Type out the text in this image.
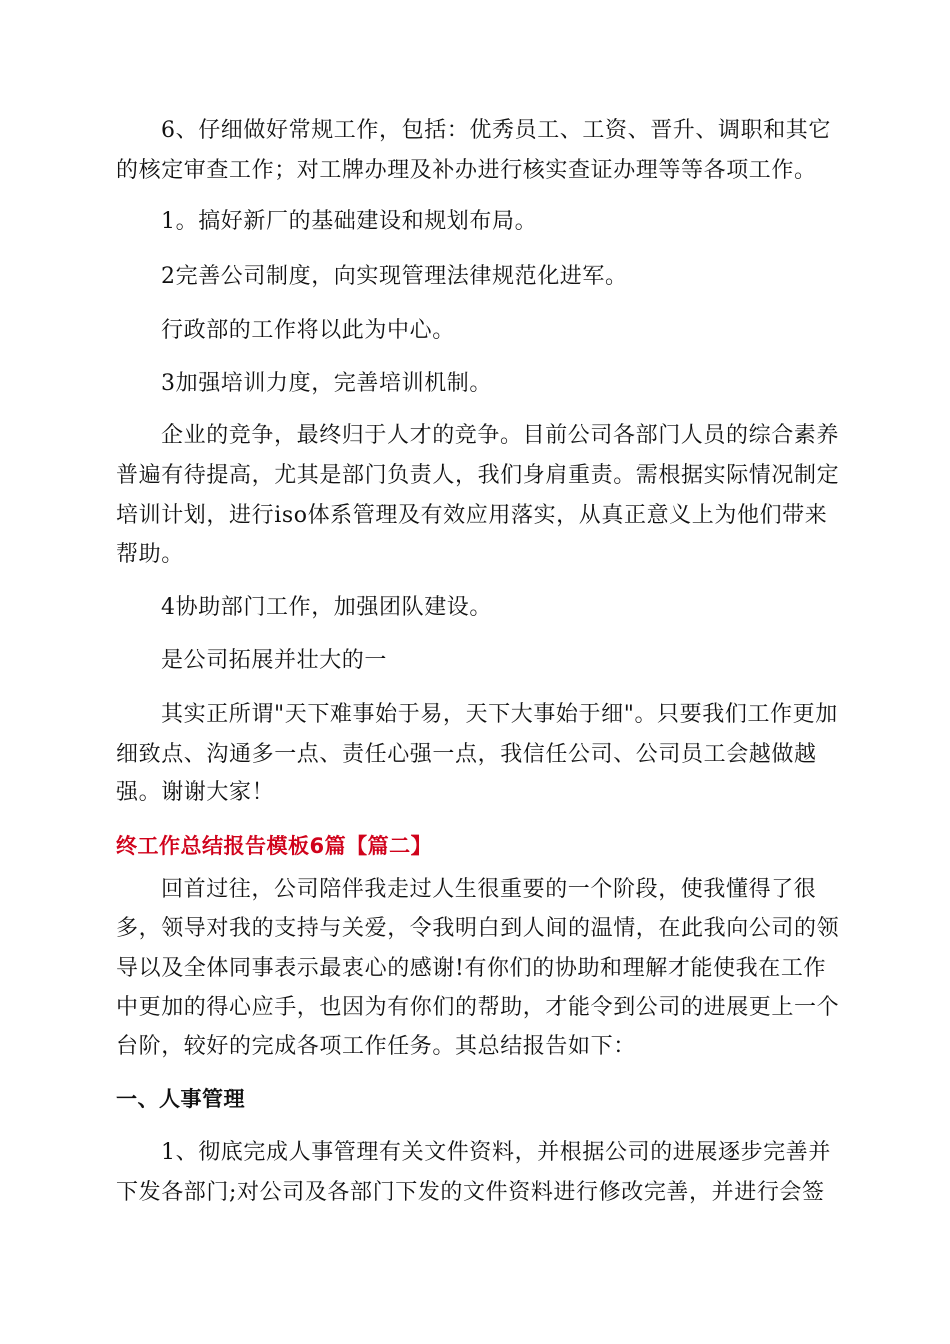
6、仔细做好常规工作，包括：优秀员工、工资、晋升、调职和其它
的核定审查工作；对工牌办理及补办进行核实查证办理等等各项工作。
1。搞好新厂的基础建设和规划布局。
2完善公司制度，向实现管理法律规范化进军。
行政部的工作将以此为中心。
3加强培训力度，完善培训机制。
企业的竞争，最终归于人才的竞争。目前公司各部门人员的综合素养
普遍有待提高，尤其是部门负责人，我们身肩重责。需根据实际情况制定
培训计划，进行iso体系管理及有效应用落实，从真正意义上为他们带来
帮助。
4协助部门工作，加强团队建设。
是公司拓展并壮大的一
其实正所谓"天下难事始于易，天下大事始于细"。只要我们工作更加
细致点、沟通多一点、责任心强一点，我信任公司、公司员工会越做越
强。谢谢大家！
终工作总结报告模板6篇【篇二】
回首过往，公司陪伴我走过人生很重要的一个阶段，使我懂得了很
多，领导对我的支持与关爱，令我明白到人间的温情，在此我向公司的领
导以及全体同事表示最衷心的感谢!有你们的协助和理解才能使我在工作
中更加的得心应手，也因为有你们的帮助，才能令到公司的进展更上一个
台阶，较好的完成各项工作任务。其总结报告如下：
一、人事管理
1、彻底完成人事管理有关文件资料，并根据公司的进展逐步完善并
下发各部门;对公司及各部门下发的文件资料进行修改完善，并进行会签
